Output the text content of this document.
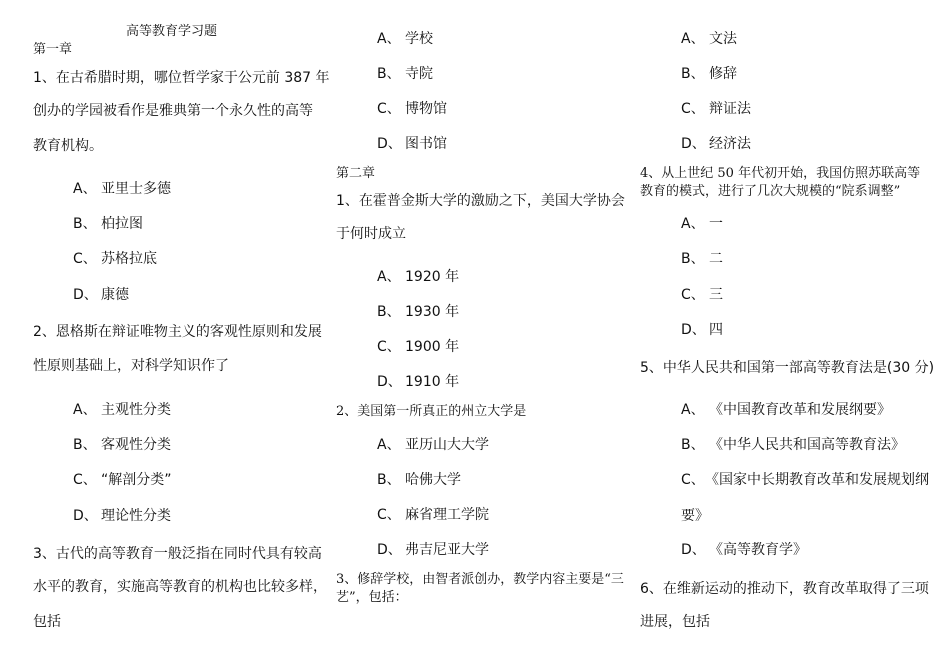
高等教育学习题
第一章
1、在古希腊时期，哪位哲学家于公元前 387 年
创办的学园被看作是雅典第一个永久性的高等
教育机构。
A、 亚里士多德
B、 柏拉图
C、 苏格拉底
D、 康德
2、恩格斯在辩证唯物主义的客观性原则和发展
性原则基础上，对科学知识作了
A、 主观性分类
B、 客观性分类
C、 “解剖分类”
D、 理论性分类
3、古代的高等教育一般泛指在同时代具有较高
水平的教育，实施高等教育的机构也比较多样，
包括
A、 学校
B、 寺院
C、 博物馆
D、 图书馆
第二章
1、在霍普金斯大学的激励之下，美国大学协会
于何时成立
A、 1920 年
B、 1930 年
C、 1900 年
D、 1910 年
2、美国第一所真正的州立大学是
A、 亚历山大大学
B、 哈佛大学
C、 麻省理工学院
D、 弗吉尼亚大学
3、修辞学校，由智者派创办，教学内容主要是“三
艺”，包括：
A、 文法
B、 修辞
C、 辩证法
D、 经济法
4、从上世纪 50 年代初开始，我国仿照苏联高等
教育的模式，进行了几次大规模的“院系调整”
A、 一
B、 二
C、 三
D、 四
5、中华人民共和国第一部高等教育法是(30 分)
A、 《中国教育改革和发展纲要》
B、 《中华人民共和国高等教育法》
C、《国家中长期教育改革和发展规划纲
要》
D、 《高等教育学》
6、在维新运动的推动下，教育改革取得了三项
进展，包括
